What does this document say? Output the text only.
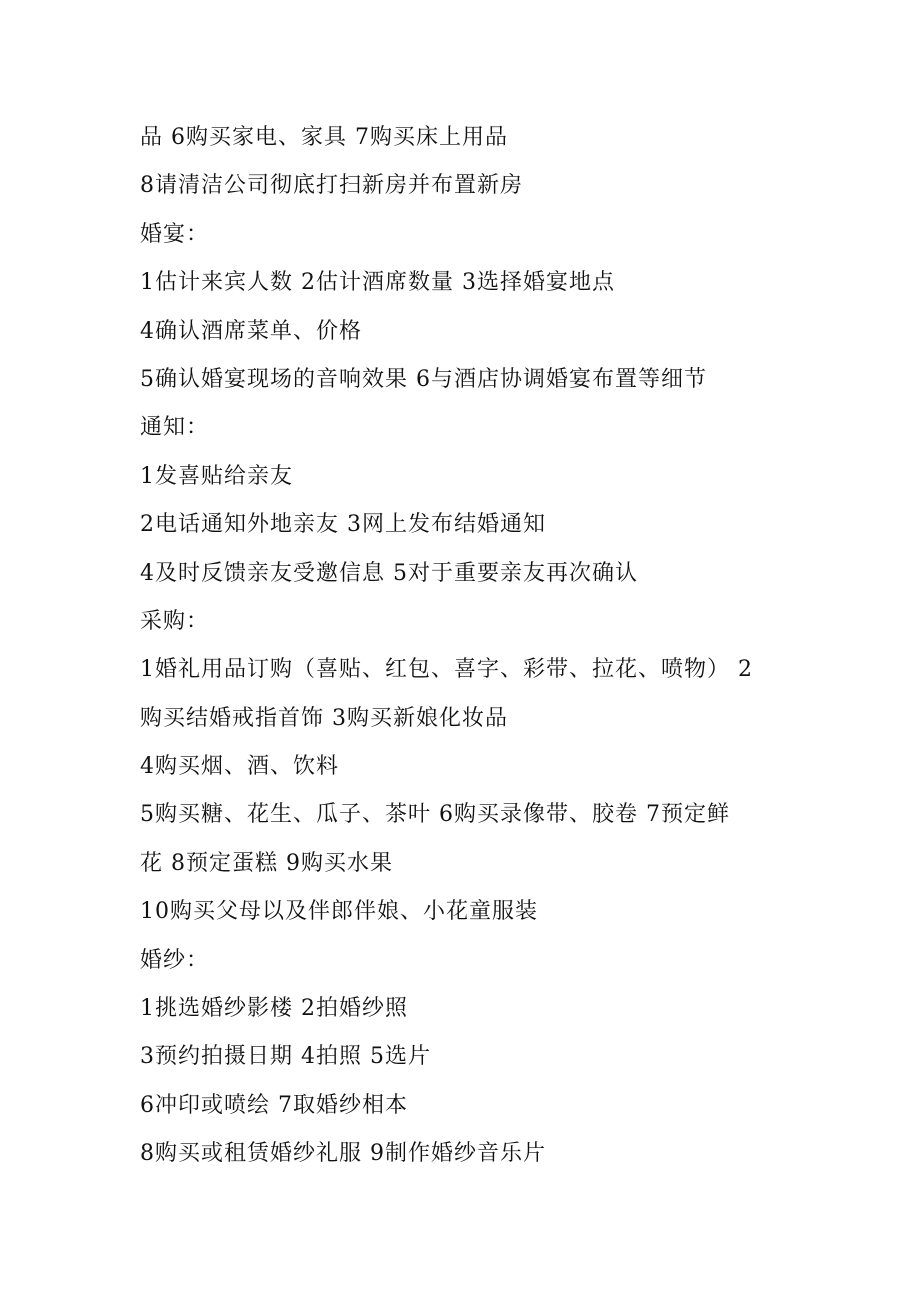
品 6购买家电、家具 7购买床上用品
8请清洁公司彻底打扫新房并布置新房
婚宴：
1估计来宾人数 2估计酒席数量 3选择婚宴地点
4确认酒席菜单、价格
5确认婚宴现场的音响效果 6与酒店协调婚宴布置等细节
通知：
1发喜贴给亲友
2电话通知外地亲友 3网上发布结婚通知
4及时反馈亲友受邀信息 5对于重要亲友再次确认
采购：
1婚礼用品订购（喜贴、红包、喜字、彩带、拉花、喷物） 2
购买结婚戒指首饰 3购买新娘化妆品
4购买烟、酒、饮料
5购买糖、花生、瓜子、茶叶 6购买录像带、胶卷 7预定鲜
花 8预定蛋糕 9购买水果
10购买父母以及伴郎伴娘、小花童服装
婚纱：
1挑选婚纱影楼 2拍婚纱照
3预约拍摄日期 4拍照 5选片
6冲印或喷绘 7取婚纱相本
8购买或租赁婚纱礼服 9制作婚纱音乐片
